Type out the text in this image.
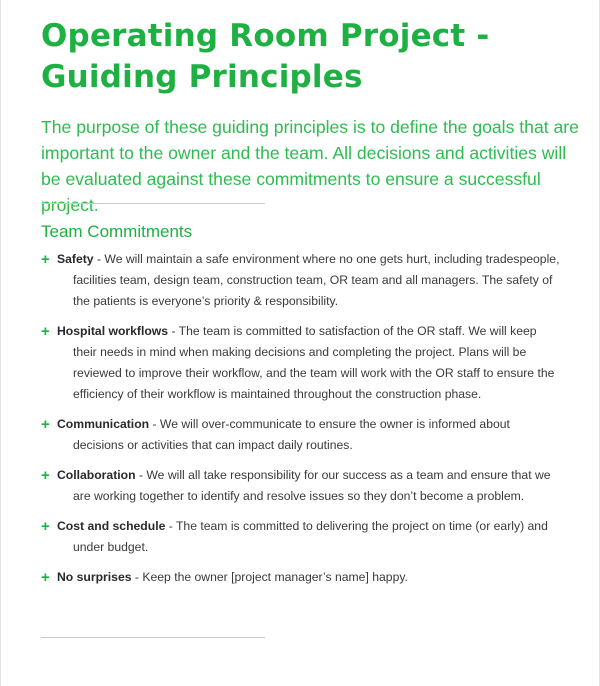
Operating Room Project -
Guiding Principles

The purpose of these guiding principles is to define the goals that are important to the owner and the team. All decisions and activities will be evaluated against these commitments to ensure a successful project.

Team Commitments
+ Safety - We will maintain a safe environment where no one gets hurt, including tradespeople, facilities team, design team, construction team, OR team and all managers. The safety of the patients is everyone’s priority & responsibility.
+ Hospital workflows - The team is committed to satisfaction of the OR staff. We will keep their needs in mind when making decisions and completing the project. Plans will be reviewed to improve their workflow, and the team will work with the OR staff to ensure the efficiency of their workflow is maintained throughout the construction phase.
+ Communication - We will over-communicate to ensure the owner is informed about decisions or activities that can impact daily routines.
+ Collaboration - We will all take responsibility for our success as a team and ensure that we are working together to identify and resolve issues so they don’t become a problem.
+ Cost and schedule - The team is committed to delivering the project on time (or early) and under budget.
+ No surprises - Keep the owner [project manager’s name] happy.
